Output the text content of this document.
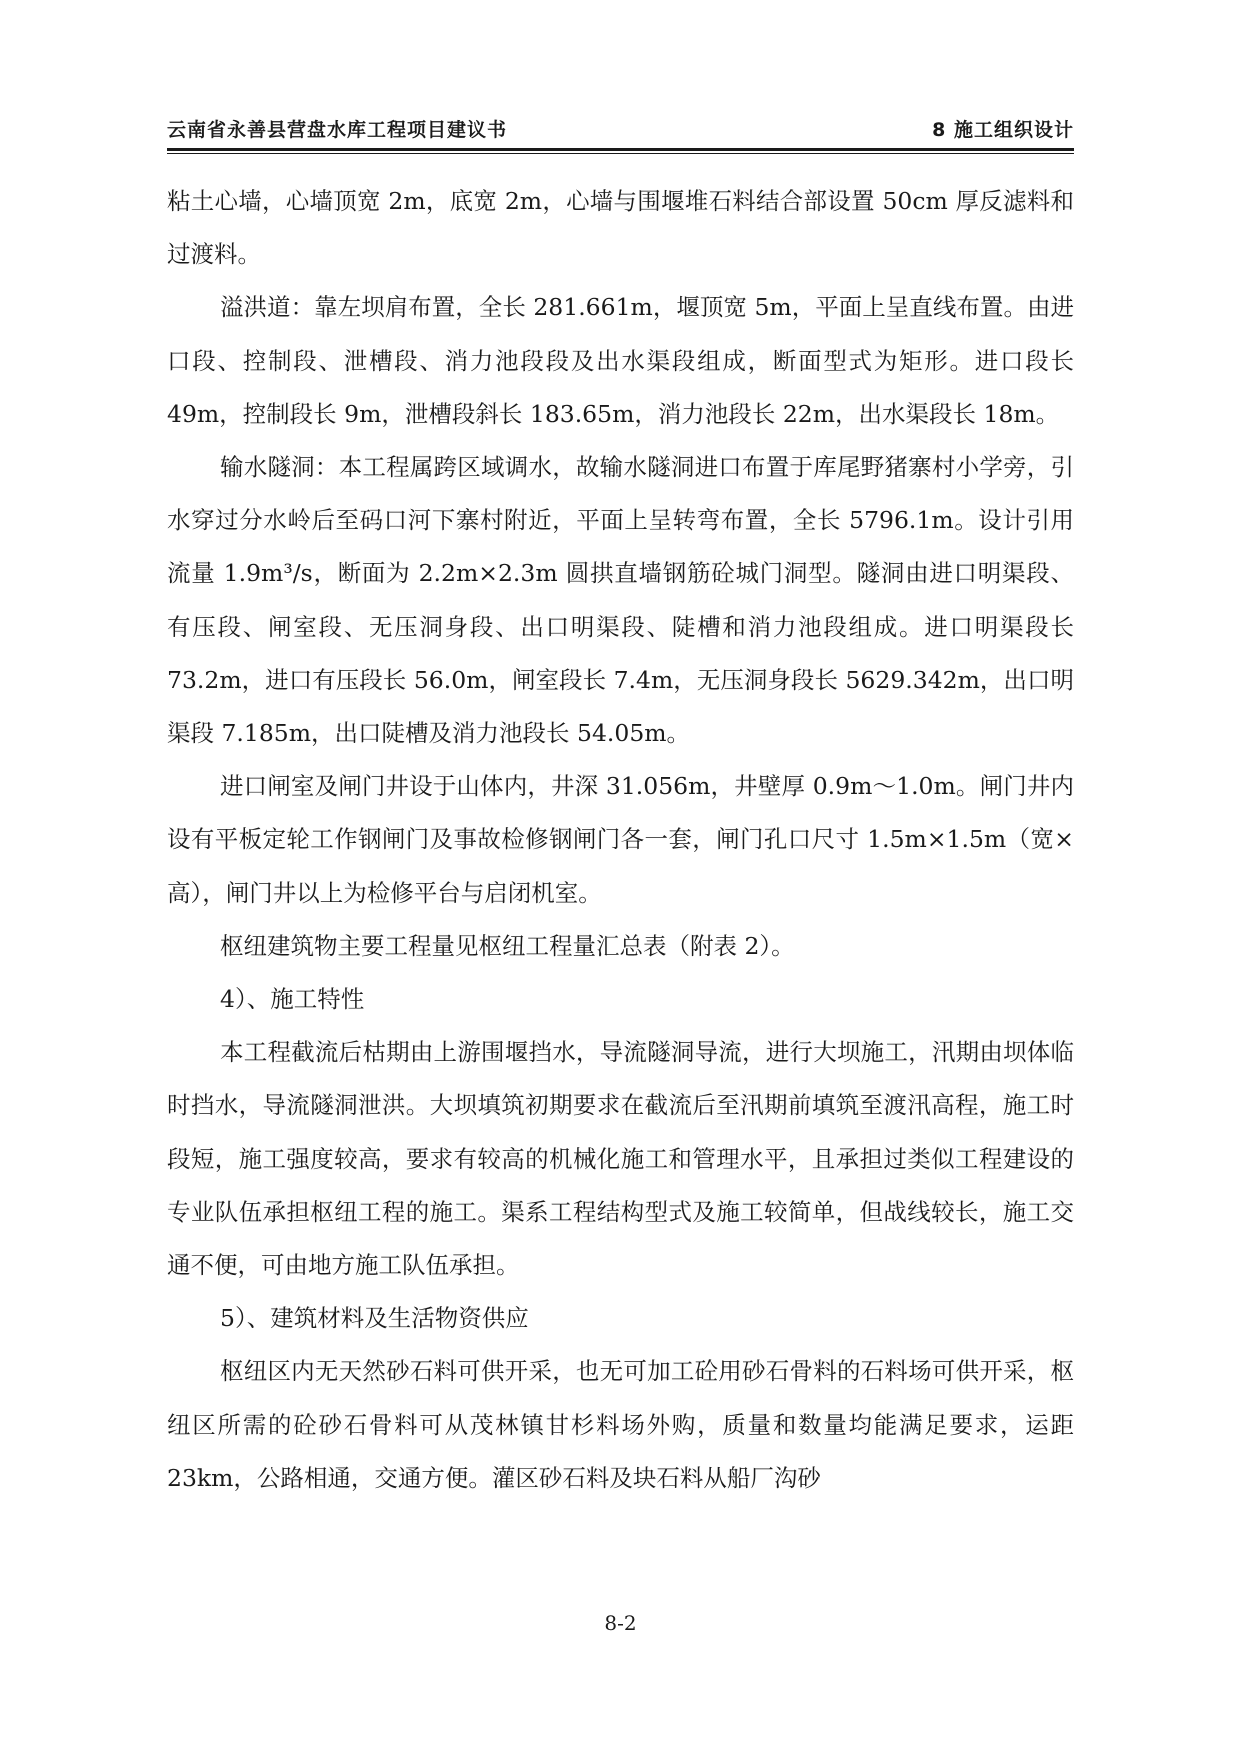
云南省永善县营盘水库工程项目建议书	8 施工组织设计

粘土心墙，心墙顶宽 2m，底宽 2m，心墙与围堰堆石料结合部设置 50cm 厚反滤料和过渡料。

溢洪道：靠左坝肩布置，全长 281.661m，堰顶宽 5m，平面上呈直线布置。由进口段、控制段、泄槽段、消力池段段及出水渠段组成，断面型式为矩形。进口段长 49m，控制段长 9m，泄槽段斜长 183.65m，消力池段长 22m，出水渠段长 18m。

输水隧洞：本工程属跨区域调水，故输水隧洞进口布置于库尾野猪寨村小学旁，引水穿过分水岭后至码口河下寨村附近，平面上呈转弯布置，全长 5796.1m。设计引用流量 1.9m³/s，断面为 2.2m×2.3m 圆拱直墙钢筋砼城门洞型。隧洞由进口明渠段、有压段、闸室段、无压洞身段、出口明渠段、陡槽和消力池段组成。进口明渠段长 73.2m，进口有压段长 56.0m，闸室段长 7.4m，无压洞身段长 5629.342m，出口明渠段 7.185m，出口陡槽及消力池段长 54.05m。

进口闸室及闸门井设于山体内，井深 31.056m，井壁厚 0.9m～1.0m。闸门井内设有平板定轮工作钢闸门及事故检修钢闸门各一套，闸门孔口尺寸 1.5m×1.5m（宽×高），闸门井以上为检修平台与启闭机室。

枢纽建筑物主要工程量见枢纽工程量汇总表（附表 2）。

4）、施工特性

本工程截流后枯期由上游围堰挡水，导流隧洞导流，进行大坝施工，汛期由坝体临时挡水，导流隧洞泄洪。大坝填筑初期要求在截流后至汛期前填筑至渡汛高程，施工时段短，施工强度较高，要求有较高的机械化施工和管理水平，且承担过类似工程建设的专业队伍承担枢纽工程的施工。渠系工程结构型式及施工较简单，但战线较长，施工交通不便，可由地方施工队伍承担。

5）、建筑材料及生活物资供应

枢纽区内无天然砂石料可供开采，也无可加工砼用砂石骨料的石料场可供开采，枢纽区所需的砼砂石骨料可从茂林镇甘杉料场外购，质量和数量均能满足要求，运距 23km，公路相通，交通方便。灌区砂石料及块石料从船厂沟砂

8-2
